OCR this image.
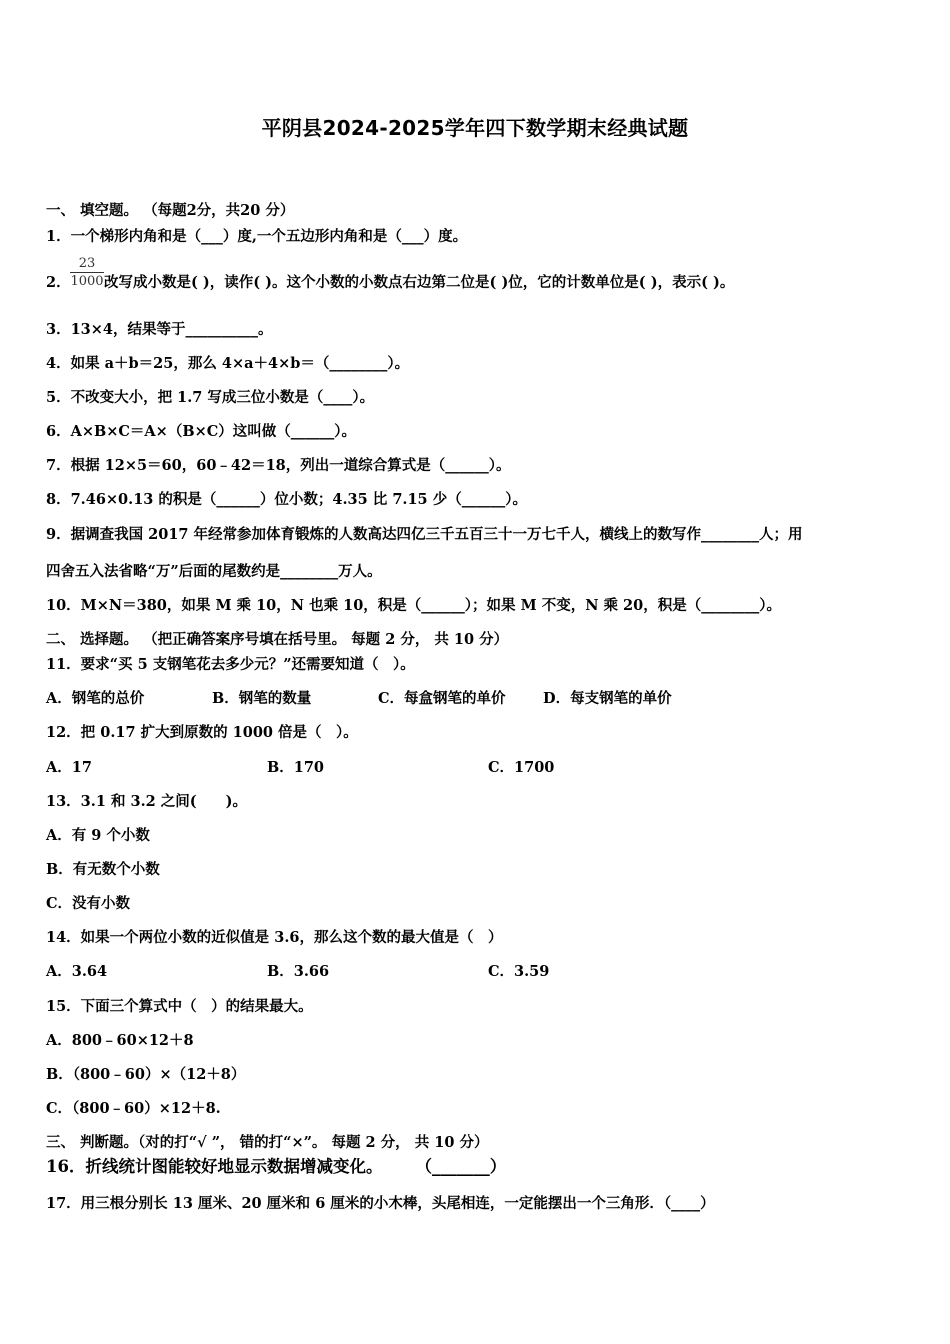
平阴县2024-2025学年四下数学期末经典试题
一、 填空题。 （每题2分，共20 分）
1．一个梯形内角和是（___）度,一个五边形内角和是（___）度。
2．
23
1000 改写成小数是( )，读作( )。这个小数的小数点右边第二位是( )位，它的计数单位是( )，表示( )。
3．13×4，结果等于__________。
4．如果 a＋b＝25，那么 4×a＋4×b＝（________）。
5．不改变大小，把 1.7 写成三位小数是（____）。
6．A×B×C＝A×（B×C）这叫做（______）。
7．根据 12×5＝60，60﹣42＝18，列出一道综合算式是（______）。
8．7.46×0.13 的积是（______）位小数；4.35 比 7.15 少（______）。
9．据调查我国 2017 年经常参加体育锻炼的人数高达四亿三千五百三十一万七千人，横线上的数写作________人；用
四舍五入法省略“万”后面的尾数约是________万人。
10．M×N＝380，如果 M 乘 10，N 也乘 10，积是（______）；如果 M 不变，N 乘 20，积是（________）。
二、 选择题。 （把正确答案序号填在括号里。 每题 2 分， 共 10 分）
11．要求“买 5 支钢笔花去多少元？”还需要知道（　）。
A．钢笔的总价	B．钢笔的数量	C．每盒钢笔的单价	D．每支钢笔的单价
12．把 0.17 扩大到原数的 1000 倍是（　）。
A．17	B．170	C．1700
13．3.1 和 3.2 之间(　　)。
A．有 9 个小数
B．有无数个小数
C．没有小数
14．如果一个两位小数的近似值是 3.6，那么这个数的最大值是（　）
A．3.64	B．3.66	C．3.59
15．下面三个算式中（　）的结果最大。
A．800﹣60×12＋8
B．（800﹣60）×（12＋8）
C．（800﹣60）×12＋8.
三、 判断题。（对的打“√ ”， 错的打“×”。 每题 2 分， 共 10 分）
16．折线统计图能较好地显示数据增减变化。　　　（_______）
17．用三根分别长 13 厘米、20 厘米和 6 厘米的小木棒，头尾相连，一定能摆出一个三角形．（____）
